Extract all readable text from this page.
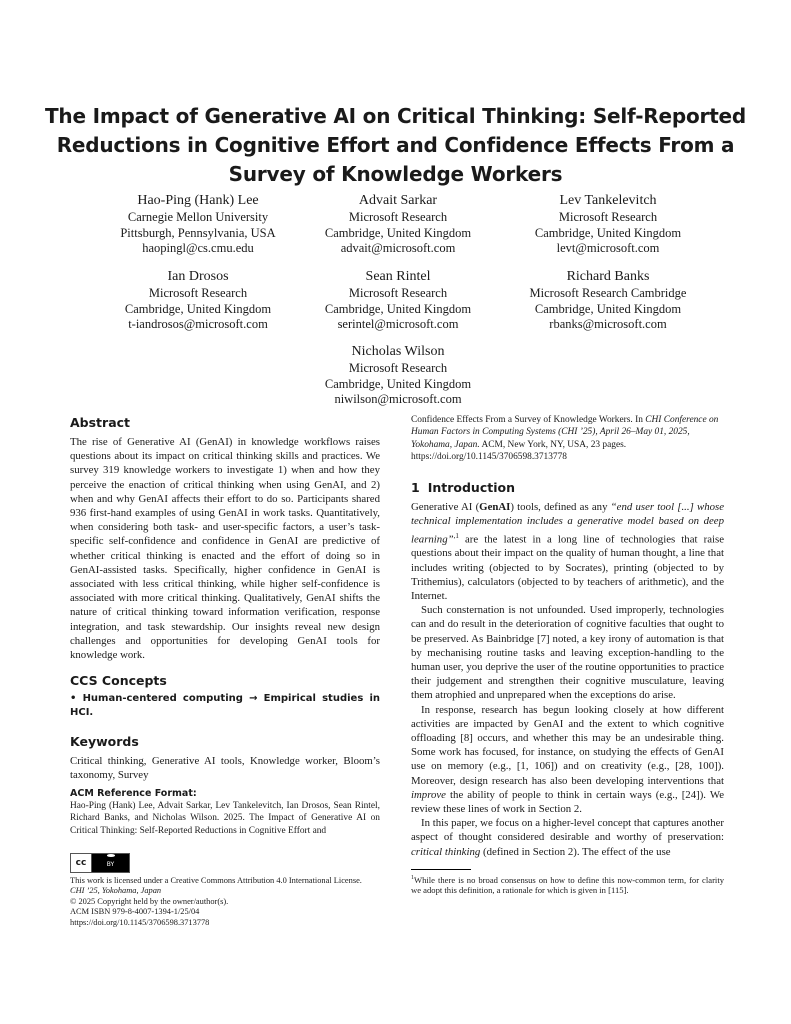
The Impact of Generative AI on Critical Thinking: Self-Reported Reductions in Cognitive Effort and Confidence Effects From a Survey of Knowledge Workers
Hao-Ping (Hank) Lee
Carnegie Mellon University
Pittsburgh, Pennsylvania, USA
haopingl@cs.cmu.edu
Advait Sarkar
Microsoft Research
Cambridge, United Kingdom
advait@microsoft.com
Lev Tankelevitch
Microsoft Research
Cambridge, United Kingdom
levt@microsoft.com
Ian Drosos
Microsoft Research
Cambridge, United Kingdom
t-iandrosos@microsoft.com
Sean Rintel
Microsoft Research
Cambridge, United Kingdom
serintel@microsoft.com
Richard Banks
Microsoft Research Cambridge
Cambridge, United Kingdom
rbanks@microsoft.com
Nicholas Wilson
Microsoft Research
Cambridge, United Kingdom
niwilson@microsoft.com
Abstract

The rise of Generative AI (GenAI) in knowledge workflows raises questions about its impact on critical thinking skills and practices. We survey 319 knowledge workers to investigate 1) when and how they perceive the enaction of critical thinking when using GenAI, and 2) when and why GenAI affects their effort to do so. Participants shared 936 first-hand examples of using GenAI in work tasks. Quantitatively, when considering both task- and user-specific factors, a user’s task-specific self-confidence and confidence in GenAI are predictive of whether critical thinking is enacted and the effort of doing so in GenAI-assisted tasks. Specifically, higher confidence in GenAI is associated with less critical thinking, while higher self-confidence is associated with more critical thinking. Qualitatively, GenAI shifts the nature of critical thinking toward information verification, response integration, and task stewardship. Our insights reveal new design challenges and opportunities for developing GenAI tools for knowledge work.

CCS Concepts

• Human-centered computing → Empirical studies in HCI.

Keywords

Critical thinking, Generative AI tools, Knowledge worker, Bloom’s taxonomy, Survey

ACM Reference Format:

Hao-Ping (Hank) Lee, Advait Sarkar, Lev Tankelevitch, Ian Drosos, Sean Rintel, Richard Banks, and Nicholas Wilson. 2025. The Impact of Generative AI on Critical Thinking: Self-Reported Reductions in Cognitive Effort and

cc	BY
This work is licensed under a Creative Commons Attribution 4.0 International License.
CHI ’25, Yokohama, Japan
© 2025 Copyright held by the owner/author(s).
ACM ISBN 979-8-4007-1394-1/25/04
https://doi.org/10.1145/3706598.3713778

Confidence Effects From a Survey of Knowledge Workers. In CHI Conference on Human Factors in Computing Systems (CHI ’25), April 26–May 01, 2025, Yokohama, Japan. ACM, New York, NY, USA, 23 pages. https://doi.org/10.1145/3706598.3713778

1 Introduction

Generative AI (GenAI) tools, defined as any “end user tool [...] whose technical implementation includes a generative model based on deep learning”$^{,1}$ are the latest in a long line of technologies that raise questions about their impact on the quality of human thought, a line that includes writing (objected to by Socrates), printing (objected to by Trithemius), calculators (objected to by teachers of arithmetic), and the Internet.

Such consternation is not unfounded. Used improperly, technologies can and do result in the deterioration of cognitive faculties that ought to be preserved. As Bainbridge [7] noted, a key irony of automation is that by mechanising routine tasks and leaving exception-handling to the human user, you deprive the user of the routine opportunities to practice their judgement and strengthen their cognitive musculature, leaving them atrophied and unprepared when the exceptions do arise.

In response, research has begun looking closely at how different activities are impacted by GenAI and the extent to which cognitive offloading [8] occurs, and whether this may be an undesirable thing. Some work has focused, for instance, on studying the effects of GenAI use on memory (e.g., [1, 106]) and on creativity (e.g., [28, 100]). Moreover, design research has also been developing interventions that improve the ability of people to think in certain ways (e.g., [24]). We review these lines of work in Section 2.

In this paper, we focus on a higher-level concept that captures another aspect of thought considered desirable and worthy of preservation: critical thinking (defined in Section 2). The effect of the use

$^1$While there is no broad consensus on how to define this now-common term, for clarity we adopt this definition, a rationale for which is given in [115].
